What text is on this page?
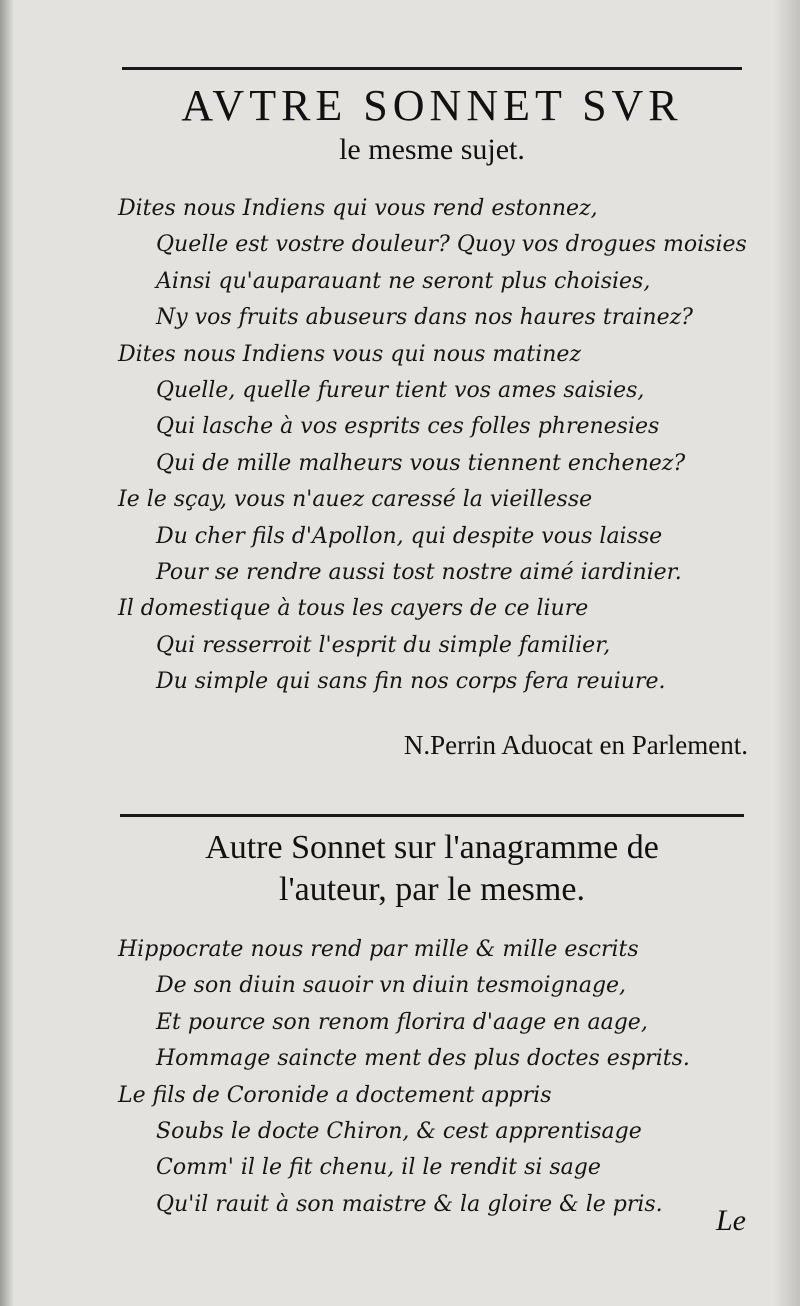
AVTRE SONNET SVR
le mesme sujet.
Dites nous Indiens qui vous rend estonnez,
Quelle est vostre douleur? Quoy vos drogues moisies
Ainsi qu'auparauant ne seront plus choisies,
Ny vos fruits abuseurs dans nos haures trainez?
Dites nous Indiens vous qui nous matinez
Quelle, quelle fureur tient vos ames saisies,
Qui lasche à vos esprits ces folles phrenesies
Qui de mille malheurs vous tiennent enchenez?
Ie le sçay, vous n'auez caressé la vieillesse
Du cher fils d'Apollon, qui despite vous laisse
Pour se rendre aussi tost nostre aimé iardinier.
Il domestique à tous les cayers de ce liure
Qui resserroit l'esprit du simple familier,
Du simple qui sans fin nos corps fera reuiure.
N.Perrin Aduocat en Parlement.
Autre Sonnet sur l'anagramme de
l'auteur, par le mesme.
Hippocrate nous rend par mille & mille escrits
De son diuin sauoir vn diuin tesmoignage,
Et pource son renom florira d'aage en aage,
Hommage saincte ment des plus doctes esprits.
Le fils de Coronide a doctement appris
Soubs le docte Chiron, & cest apprentisage
Comm' il le fit chenu, il le rendit si sage
Qu'il rauit à son maistre & la gloire & le pris.	Le
